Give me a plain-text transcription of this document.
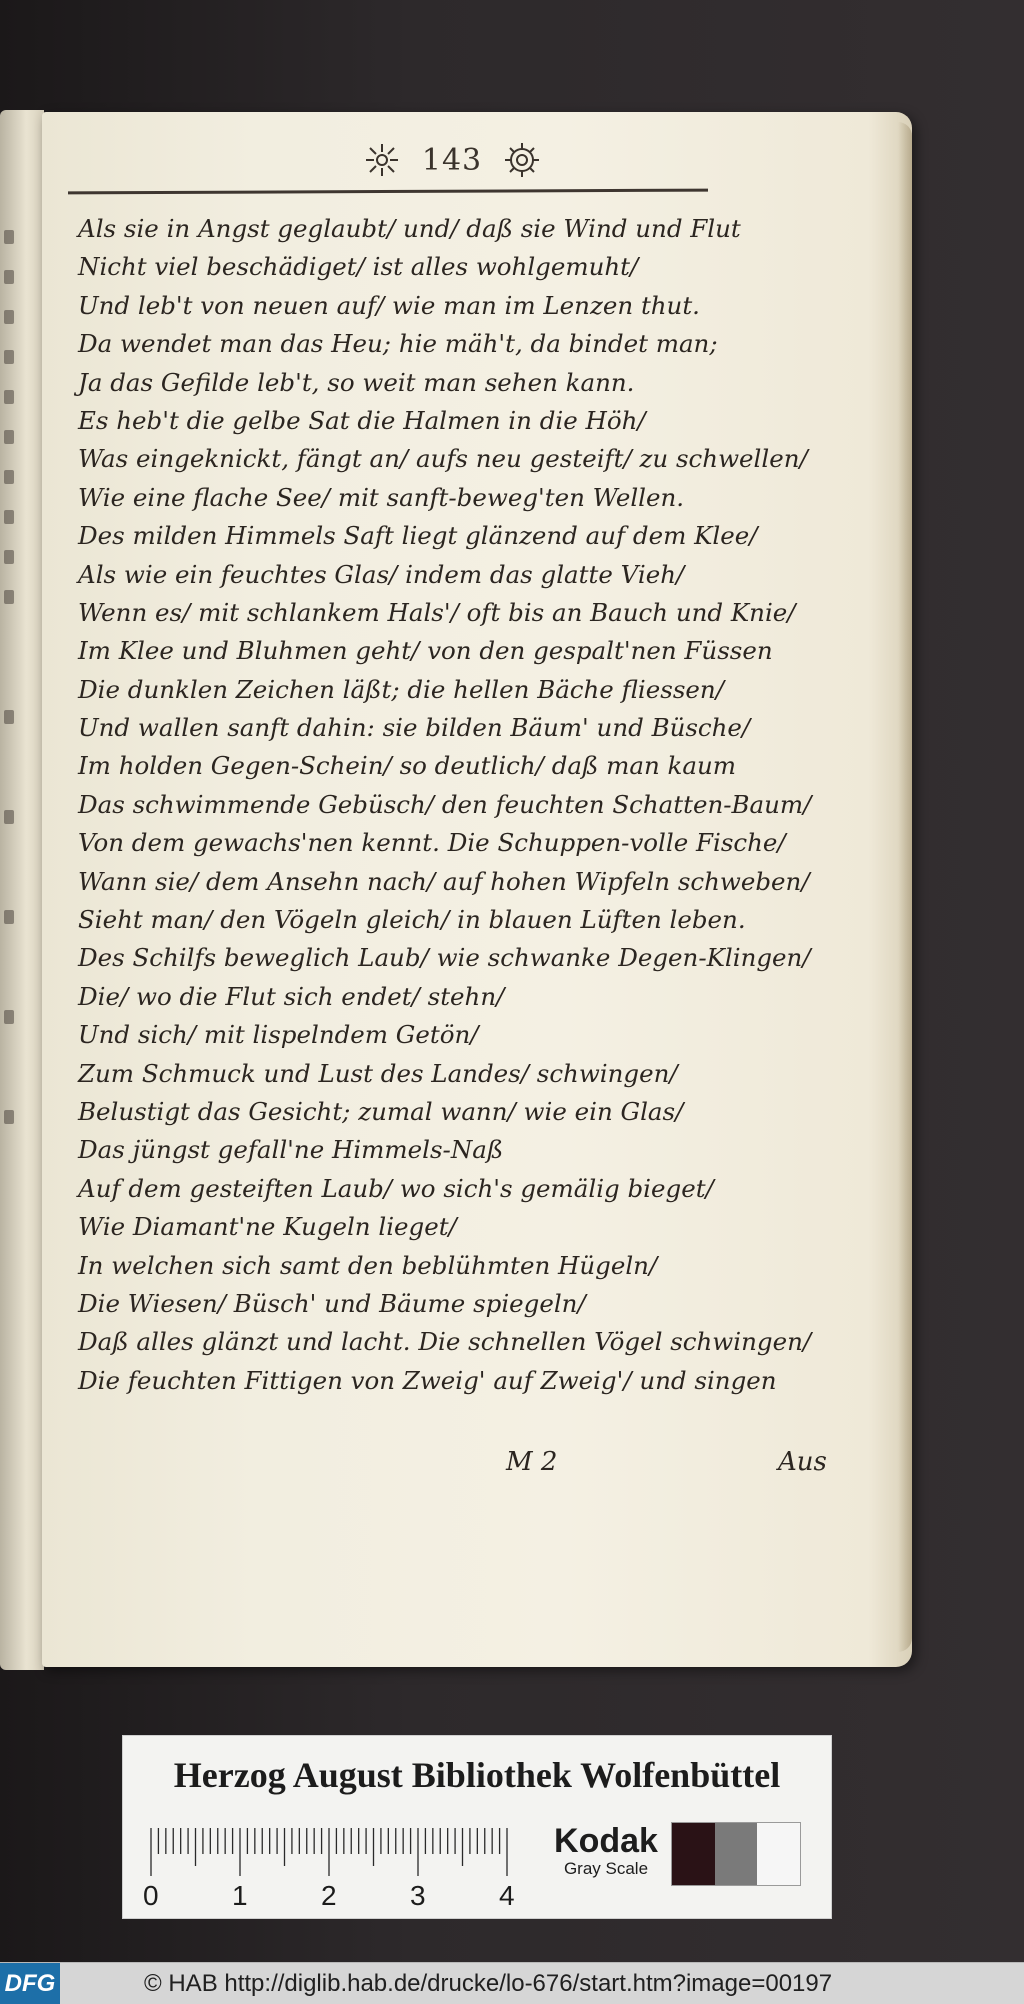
143
Als sie in Angst geglaubt/ und/ daß sie Wind und Flut
Nicht viel beschädiget/ ist alles wohlgemuht/
Und leb't von neuen auf/ wie man im Lenzen thut.
Da wendet man das Heu; hie mäh't, da bindet man;
Ja das Gefilde leb't, so weit man sehen kann.
Es heb't die gelbe Sat die Halmen in die Höh/
Was eingeknickt, fängt an/ aufs neu gesteift/ zu schwellen/
Wie eine flache See/ mit sanft-beweg'ten Wellen.
Des milden Himmels Saft liegt glänzend auf dem Klee/
Als wie ein feuchtes Glas/ indem das glatte Vieh/
Wenn es/ mit schlankem Hals'/ oft bis an Bauch und Knie/
Im Klee und Bluhmen geht/ von den gespalt'nen Füssen
Die dunklen Zeichen läßt; die hellen Bäche fliessen/
Und wallen sanft dahin: sie bilden Bäum' und Büsche/
Im holden Gegen-Schein/ so deutlich/ daß man kaum
Das schwimmende Gebüsch/ den feuchten Schatten-Baum/
Von dem gewachs'nen kennt. Die Schuppen-volle Fische/
Wann sie/ dem Ansehn nach/ auf hohen Wipfeln schweben/
Sieht man/ den Vögeln gleich/ in blauen Lüften leben.
Des Schilfs beweglich Laub/ wie schwanke Degen-Klingen/
Die/ wo die Flut sich endet/ stehn/
Und sich/ mit lispelndem Getön/
Zum Schmuck und Lust des Landes/ schwingen/
Belustigt das Gesicht; zumal wann/ wie ein Glas/
Das jüngst gefall'ne Himmels-Naß
Auf dem gesteiften Laub/ wo sich's gemälig bieget/
Wie Diamant'ne Kugeln lieget/
In welchen sich samt den beblühmten Hügeln/
Die Wiesen/ Büsch' und Bäume spiegeln/
Daß alles glänzt und lacht. Die schnellen Vögel schwingen/
Die feuchten Fittigen von Zweig' auf Zweig'/ und singen
M 2	Aus
Herzog August Bibliothek Wolfenbüttel
0	1	2	3	4
Kodak
Gray Scale
DFG	© HAB http://diglib.hab.de/drucke/lo-676/start.htm?image=00197
